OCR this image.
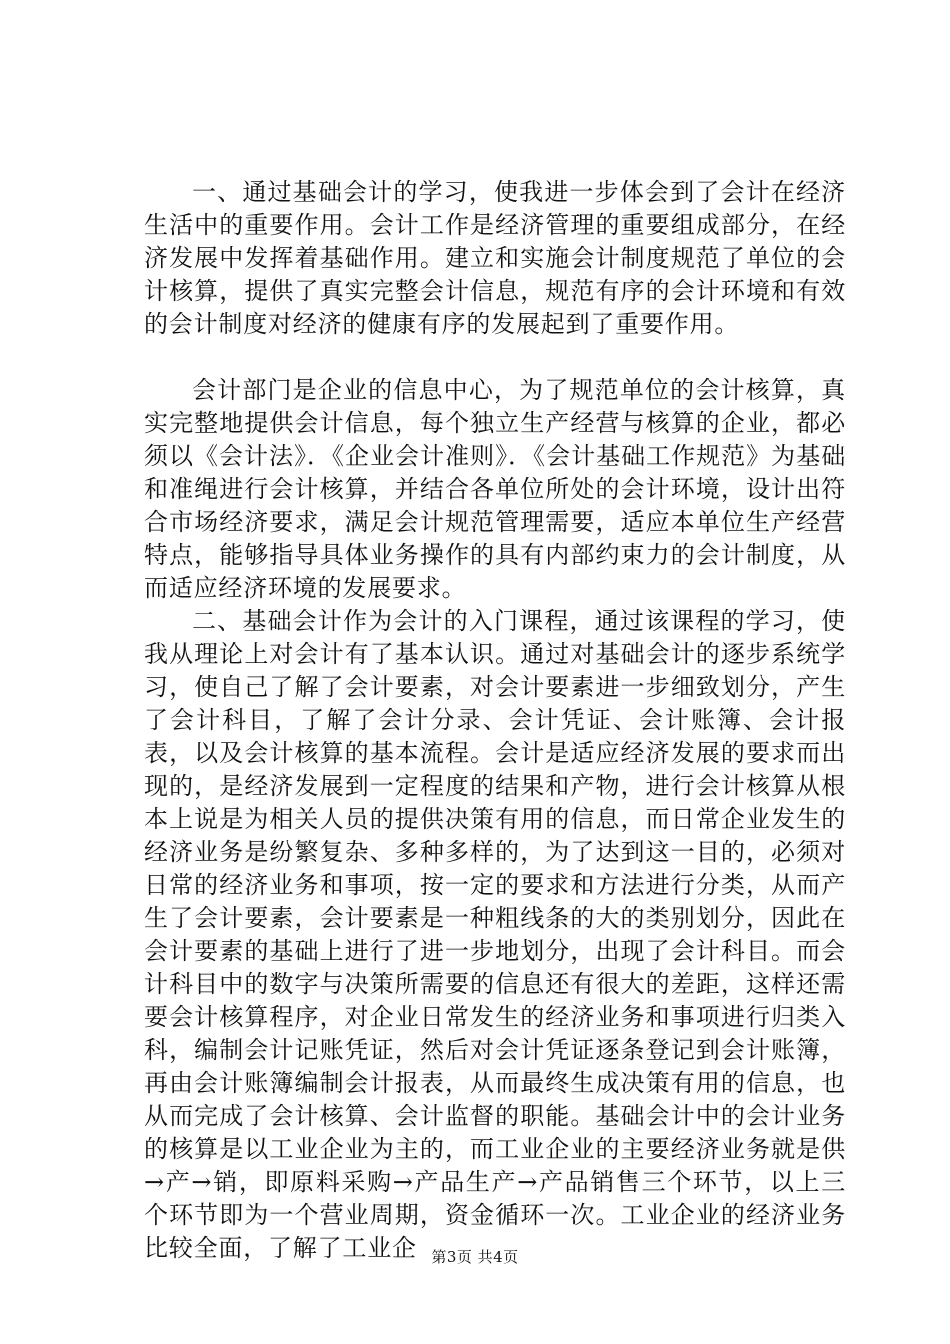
一、通过基础会计的学习，使我进一步体会到了会计在经济生活中的重要作用。会计工作是经济管理的重要组成部分，在经济发展中发挥着基础作用。建立和实施会计制度规范了单位的会计核算，提供了真实完整会计信息，规范有序的会计环境和有效的会计制度对经济的健康有序的发展起到了重要作用。

会计部门是企业的信息中心，为了规范单位的会计核算，真实完整地提供会计信息，每个独立生产经营与核算的企业，都必须以《会计法》．《企业会计准则》．《会计基础工作规范》为基础和准绳进行会计核算，并结合各单位所处的会计环境，设计出符合市场经济要求，满足会计规范管理需要，适应本单位生产经营特点，能够指导具体业务操作的具有内部约束力的会计制度，从而适应经济环境的发展要求。

二、基础会计作为会计的入门课程，通过该课程的学习，使我从理论上对会计有了基本认识。通过对基础会计的逐步系统学习，使自己了解了会计要素，对会计要素进一步细致划分，产生了会计科目，了解了会计分录、会计凭证、会计账簿、会计报表，以及会计核算的基本流程。会计是适应经济发展的要求而出现的，是经济发展到一定程度的结果和产物，进行会计核算从根本上说是为相关人员的提供决策有用的信息，而日常企业发生的经济业务是纷繁复杂、多种多样的，为了达到这一目的，必须对日常的经济业务和事项，按一定的要求和方法进行分类，从而产生了会计要素，会计要素是一种粗线条的大的类别划分，因此在会计要素的基础上进行了进一步地划分，出现了会计科目。而会计科目中的数字与决策所需要的信息还有很大的差距，这样还需要会计核算程序，对企业日常发生的经济业务和事项进行归类入科，编制会计记账凭证，然后对会计凭证逐条登记到会计账簿，再由会计账簿编制会计报表，从而最终生成决策有用的信息，也从而完成了会计核算、会计监督的职能。基础会计中的会计业务的核算是以工业企业为主的，而工业企业的主要经济业务就是供→产→销，即原料采购→产品生产→产品销售三个环节，以上三个环节即为一个营业周期，资金循环一次。工业企业的经济业务比较全面，了解了工业企 第3页 共4页
